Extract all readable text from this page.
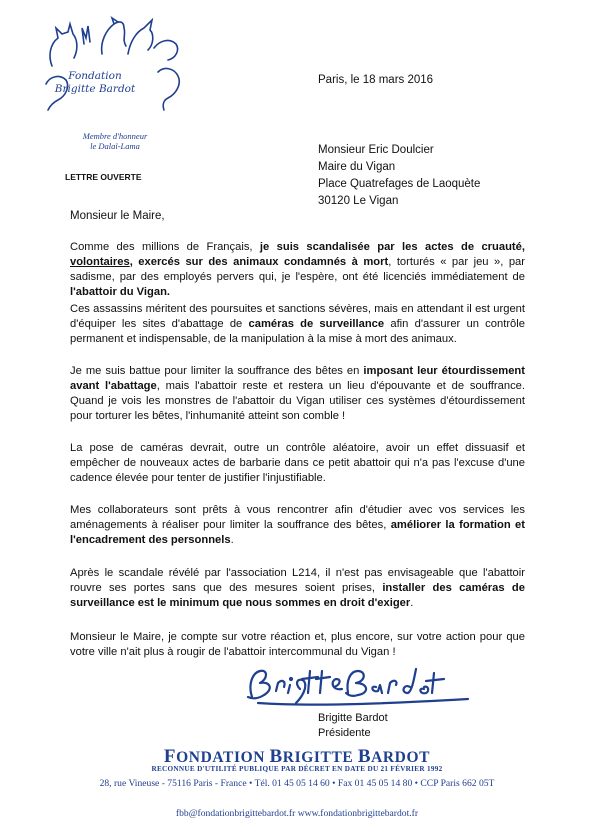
Fondation
Brigitte Bardot
Membre d'honneur
le Dalaï-Lama
Paris, le 18 mars 2016
Monsieur Eric Doulcier
Maire du Vigan
Place Quatrefages de Laoquète
30120 Le Vigan
LETTRE OUVERTE
Monsieur le Maire,
Comme des millions de Français, je suis scandalisée par les actes de cruauté, volontaires, exercés sur des animaux condamnés à mort, torturés « par jeu », par sadisme, par des employés pervers qui, je l'espère, ont été licenciés immédiatement de l'abattoir du Vigan.
Ces assassins méritent des poursuites et sanctions sévères, mais en attendant il est urgent d'équiper les sites d'abattage de caméras de surveillance afin d'assurer un contrôle permanent et indispensable, de la manipulation à la mise à mort des animaux.
Je me suis battue pour limiter la souffrance des bêtes en imposant leur étourdissement avant l'abattage, mais l'abattoir reste et restera un lieu d'épouvante et de souffrance. Quand je vois les monstres de l'abattoir du Vigan utiliser ces systèmes d'étourdissement pour torturer les bêtes, l'inhumanité atteint son comble !
La pose de caméras devrait, outre un contrôle aléatoire, avoir un effet dissuasif et empêcher de nouveaux actes de barbarie dans ce petit abattoir qui n'a pas l'excuse d'une cadence élevée pour tenter de justifier l'injustifiable.
Mes collaborateurs sont prêts à vous rencontrer afin d'étudier avec vos services les aménagements à réaliser pour limiter la souffrance des bêtes, améliorer la formation et l'encadrement des personnels.
Après le scandale révélé par l'association L214, il n'est pas envisageable que l'abattoir rouvre ses portes sans que des mesures soient prises, installer des caméras de surveillance est le minimum que nous sommes en droit d'exiger.
Monsieur le Maire, je compte sur votre réaction et, plus encore, sur votre action pour que votre ville n'ait plus à rougir de l'abattoir intercommunal du Vigan !
Brigitte Bardot
Présidente
FONDATION BRIGITTE BARDOT
RECONNUE D'UTILITÉ PUBLIQUE PAR DÉCRET EN DATE DU 21 FÉVRIER 1992
28, rue Vineuse - 75116 Paris - France • Tél. 01 45 05 14 60 • Fax 01 45 05 14 80 • CCP Paris 662 05T
fbb@fondationbrigittebardot.fr www.fondationbrigittebardot.fr
